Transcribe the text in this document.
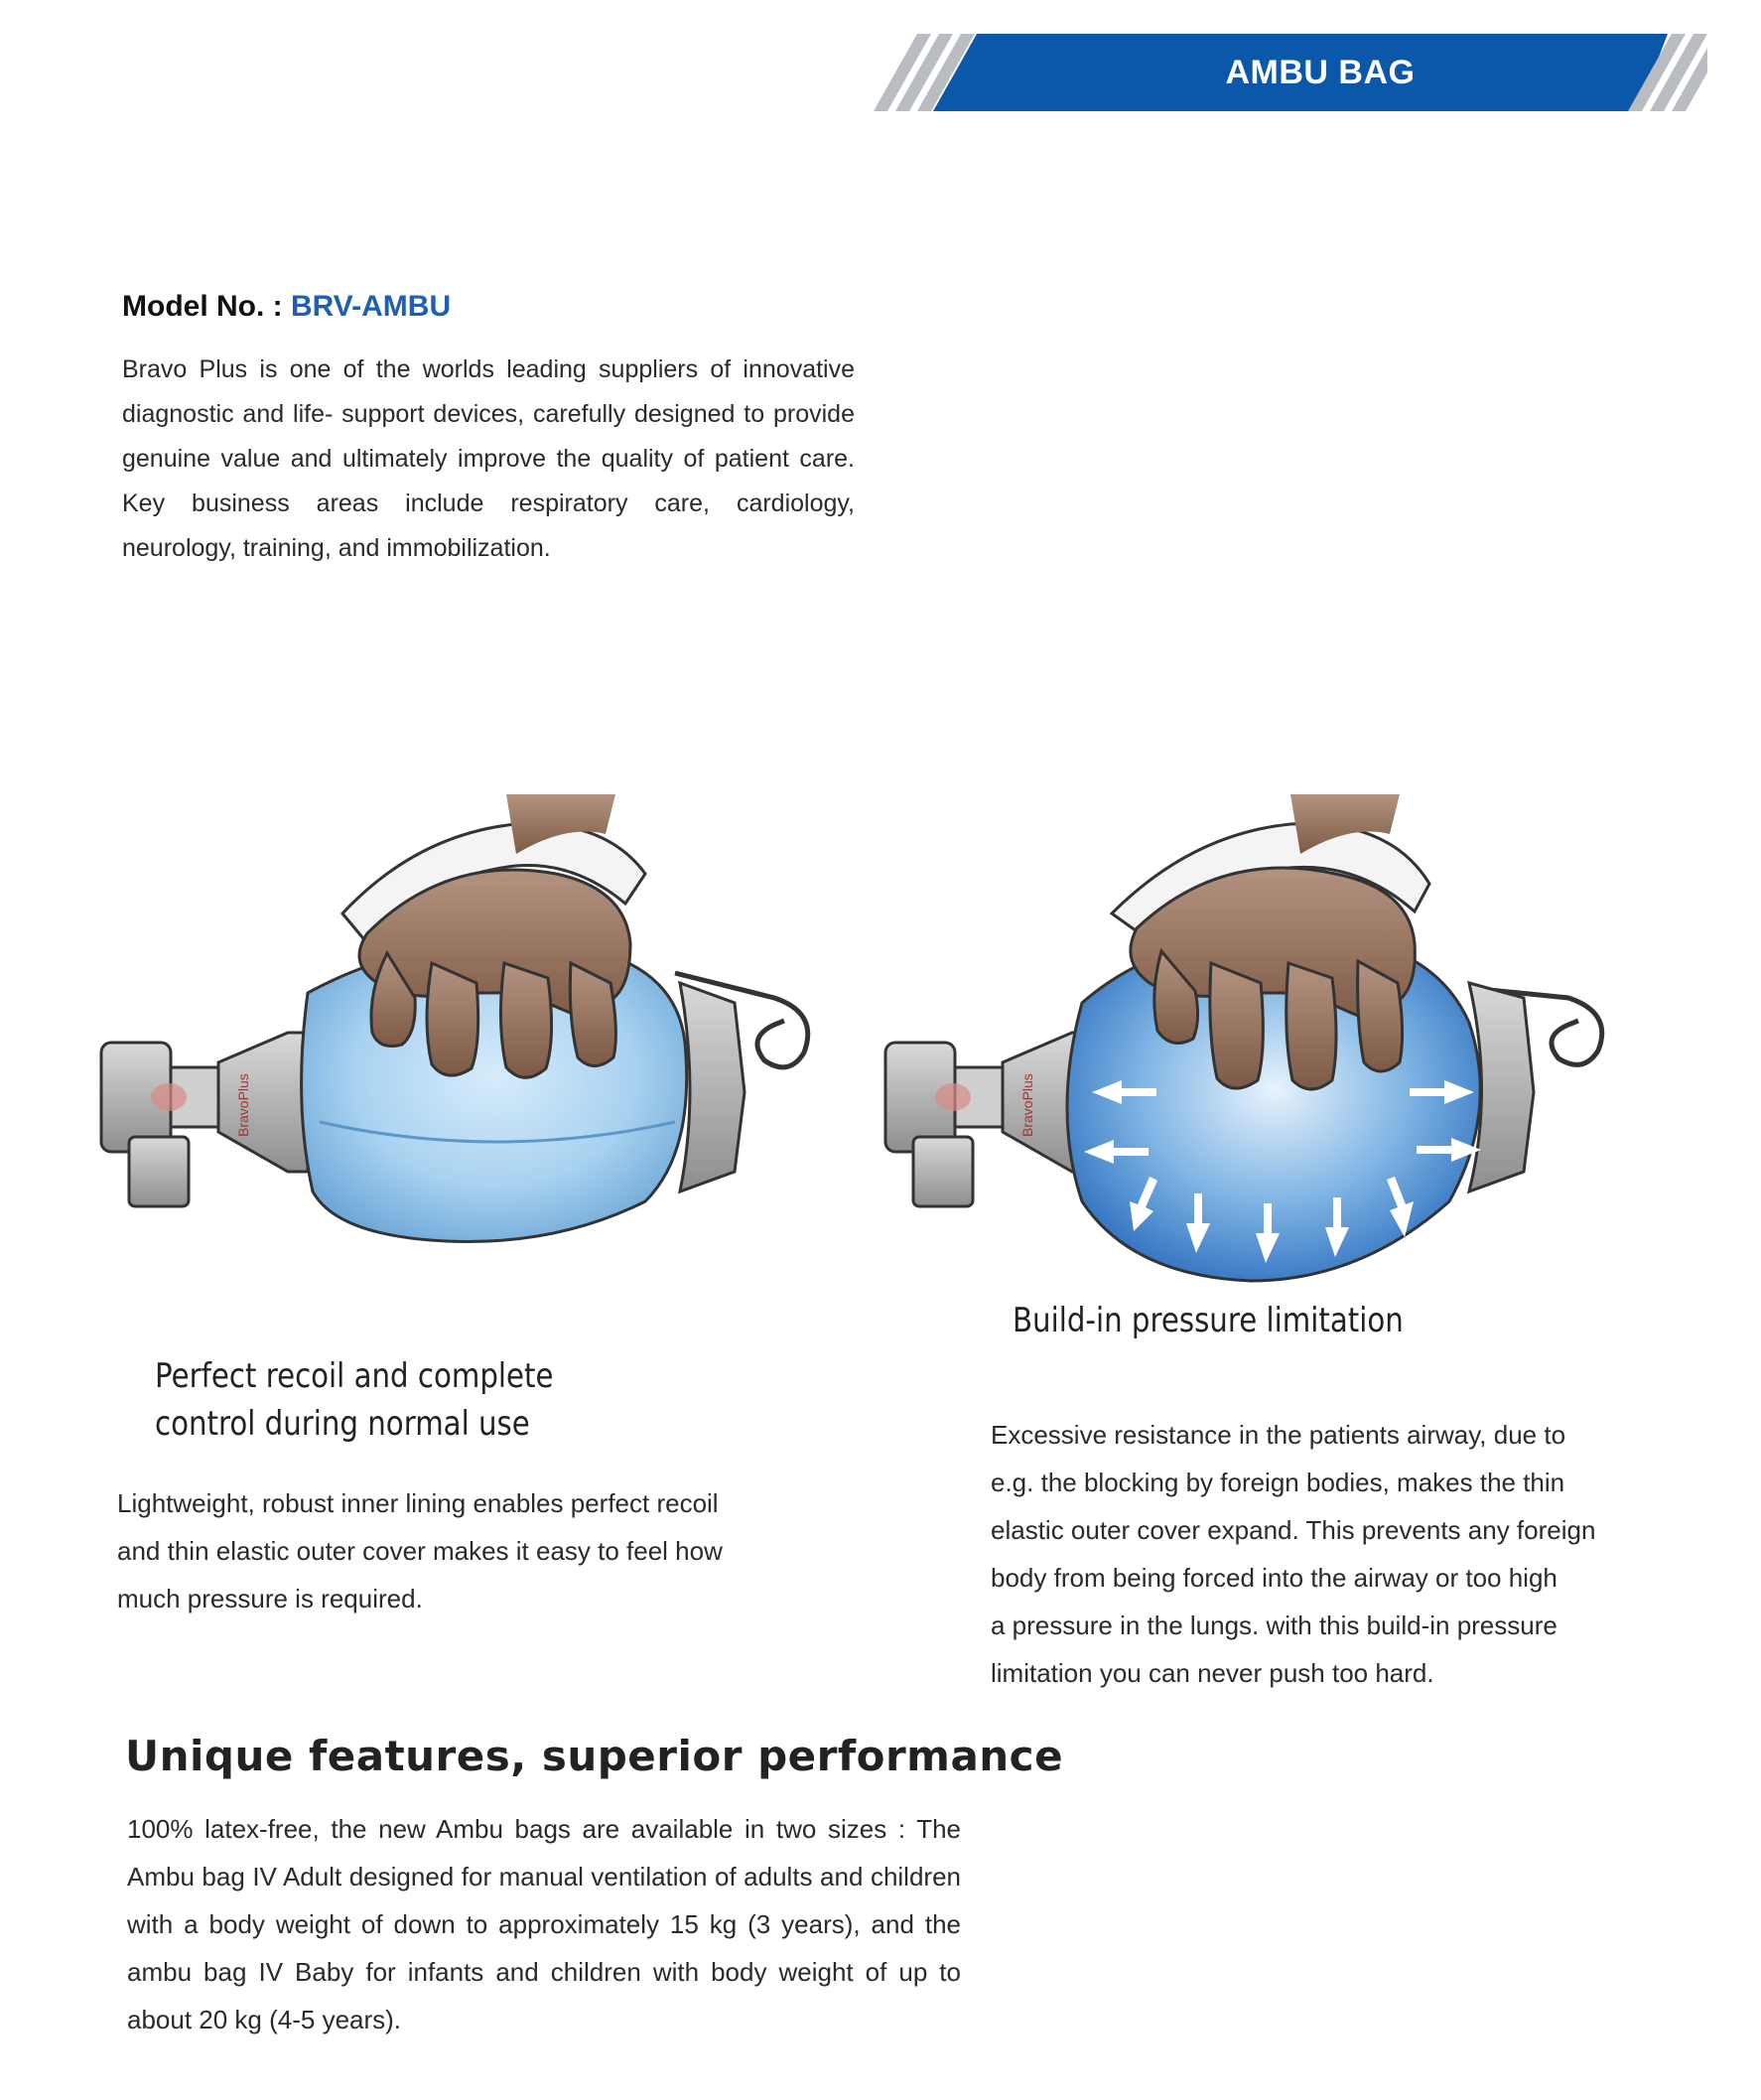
AMBU BAG
Model No. : BRV-AMBU

Bravo Plus is one of the worlds leading suppliers of innovative diagnostic and life- support devices, carefully designed to provide genuine value and ultimately improve the quality of patient care. Key business areas include respiratory care, cardiology, neurology, training, and immobilization.

BravoPlus	BravoPlus
Build-in pressure limitation
Perfect recoil and complete
control during normal use
Lightweight, robust inner lining enables perfect recoil
and thin elastic outer cover makes it easy to feel how
much pressure is required.
Excessive resistance in the patients airway, due to
e.g. the blocking by foreign bodies, makes the thin
elastic outer cover expand. This prevents any foreign
body from being forced into the airway or too high
a pressure in the lungs. with this build-in pressure
limitation you can never push too hard.
Unique features, superior performance

100% latex-free, the new Ambu bags are available in two sizes : The Ambu bag IV Adult designed for manual ventilation of adults and children with a body weight of down to approximately 15 kg (3 years), and the ambu bag IV Baby for infants and children with body weight of up to about 20 kg (4-5 years).
